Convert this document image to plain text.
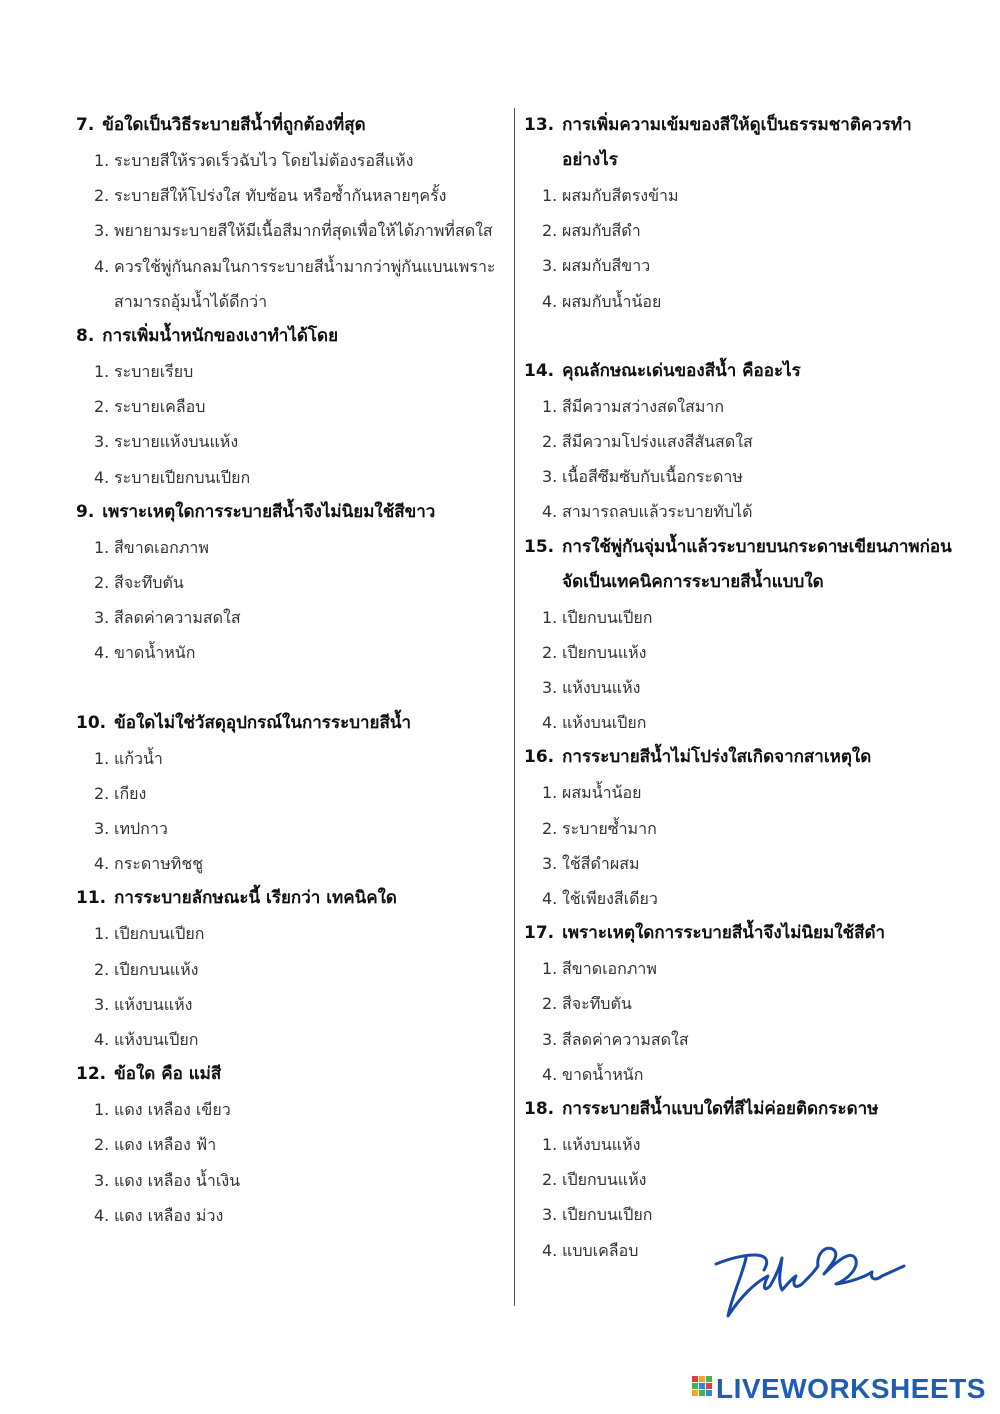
7. ข้อใดเป็นวิธีระบายสีน้ำที่ถูกต้องที่สุด
1. ระบายสีให้รวดเร็วฉับไว โดยไม่ต้องรอสีแห้ง
2. ระบายสีให้โปร่งใส ทับซ้อน หรือซ้ำกันหลายๆครั้ง
3. พยายามระบายสีให้มีเนื้อสีมากที่สุดเพื่อให้ได้ภาพที่สดใส
4. ควรใช้พู่กันกลมในการระบายสีน้ำมากว่าพู่กันแบนเพราะสามารถอุ้มน้ำได้ดีกว่า
8. การเพิ่มน้ำหนักของเงาทำได้โดย
1. ระบายเรียบ
2. ระบายเคลือบ
3. ระบายแห้งบนแห้ง
4. ระบายเปียกบนเปียก
9. เพราะเหตุใดการระบายสีน้ำจึงไม่นิยมใช้สีขาว
1. สีขาดเอกภาพ
2. สีจะทึบตัน
3. สีลดค่าความสดใส
4. ขาดน้ำหนัก
10. ข้อใดไม่ใช่วัสดุอุปกรณ์ในการระบายสีน้ำ
1. แก้วน้ำ
2. เกียง
3. เทปกาว
4. กระดาษทิชชู
11. การระบายลักษณะนี้ เรียกว่า เทคนิคใด
1. เปียกบนเปียก
2. เปียกบนแห้ง
3. แห้งบนแห้ง
4. แห้งบนเปียก
12. ข้อใด คือ แม่สี
1. แดง เหลือง เขียว
2. แดง เหลือง ฟ้า
3. แดง เหลือง น้ำเงิน
4. แดง เหลือง ม่วง
13. การเพิ่มความเข้มของสีให้ดูเป็นธรรมชาติควรทำอย่างไร
1. ผสมกับสีตรงข้าม
2. ผสมกับสีดำ
3. ผสมกับสีขาว
4. ผสมกับน้ำน้อย
14. คุณลักษณะเด่นของสีน้ำ คืออะไร
1. สีมีความสว่างสดใสมาก
2. สีมีความโปร่งแสงสีสันสดใส
3. เนื้อสีซึมซับกับเนื้อกระดาษ
4. สามารถลบแล้วระบายทับได้
15. การใช้พู่กันจุ่มน้ำแล้วระบายบนกระดาษเขียนภาพก่อน จัดเป็นเทคนิคการระบายสีน้ำแบบใด
1. เปียกบนเปียก
2. เปียกบนแห้ง
3. แห้งบนแห้ง
4. แห้งบนเปียก
16. การระบายสีน้ำไม่โปร่งใสเกิดจากสาเหตุใด
1. ผสมน้ำน้อย
2. ระบายซ้ำมาก
3. ใช้สีดำผสม
4. ใช้เพียงสีเดียว
17. เพราะเหตุใดการระบายสีน้ำจึงไม่นิยมใช้สีดำ
1. สีขาดเอกภาพ
2. สีจะทึบตัน
3. สีลดค่าความสดใส
4. ขาดน้ำหนัก
18. การระบายสีน้ำแบบใดที่สีไม่ค่อยติดกระดาษ
1. แห้งบนแห้ง
2. เปียกบนแห้ง
3. เปียกบนเปียก
4. แบบเคลือบ
LIVEWORKSHEETS
